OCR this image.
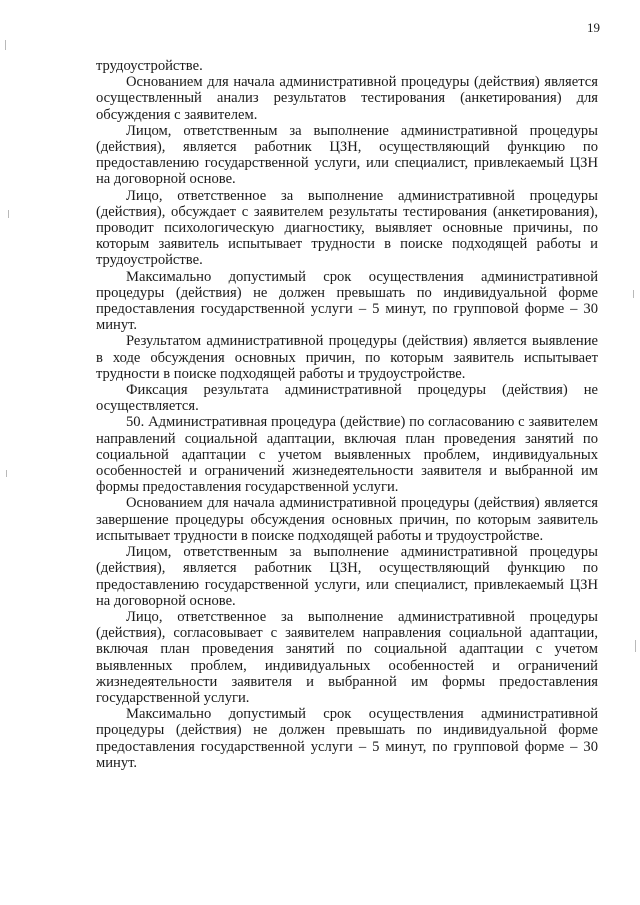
19

трудоустройстве.

Основанием для начала административной процедуры (действия) является осуществленный анализ результатов тестирования (анкетирования) для обсуждения с заявителем.

Лицом, ответственным за выполнение административной процедуры (действия), является работник ЦЗН, осуществляющий функцию по предоставлению государственной услуги, или специалист, привлекаемый ЦЗН на договорной основе.

Лицо, ответственное за выполнение административной процедуры (действия), обсуждает с заявителем результаты тестирования (анкетирования), проводит психологическую диагностику, выявляет основные причины, по которым заявитель испытывает трудности в поиске подходящей работы и трудоустройстве.

Максимально допустимый срок осуществления административной процедуры (действия) не должен превышать по индивидуальной форме предоставления государственной услуги – 5 минут, по групповой форме – 30 минут.

Результатом административной процедуры (действия) является выявление в ходе обсуждения основных причин, по которым заявитель испытывает трудности в поиске подходящей работы и трудоустройстве.

Фиксация результата административной процедуры (действия) не осуществляется.

50. Административная процедура (действие) по согласованию с заявителем направлений социальной адаптации, включая план проведения занятий по социальной адаптации с учетом выявленных проблем, индивидуальных особенностей и ограничений жизнедеятельности заявителя и выбранной им формы предоставления государственной услуги.

Основанием для начала административной процедуры (действия) является завершение процедуры обсуждения основных причин, по которым заявитель испытывает трудности в поиске подходящей работы и трудоустройстве.

Лицом, ответственным за выполнение административной процедуры (действия), является работник ЦЗН, осуществляющий функцию по предоставлению государственной услуги, или специалист, привлекаемый ЦЗН на договорной основе.

Лицо, ответственное за выполнение административной процедуры (действия), согласовывает с заявителем направления социальной адаптации, включая план проведения занятий по социальной адаптации с учетом выявленных проблем, индивидуальных особенностей и ограничений жизнедеятельности заявителя и выбранной им формы предоставления государственной услуги.

Максимально допустимый срок осуществления административной процедуры (действия) не должен превышать по индивидуальной форме предоставления государственной услуги – 5 минут, по групповой форме – 30 минут.
